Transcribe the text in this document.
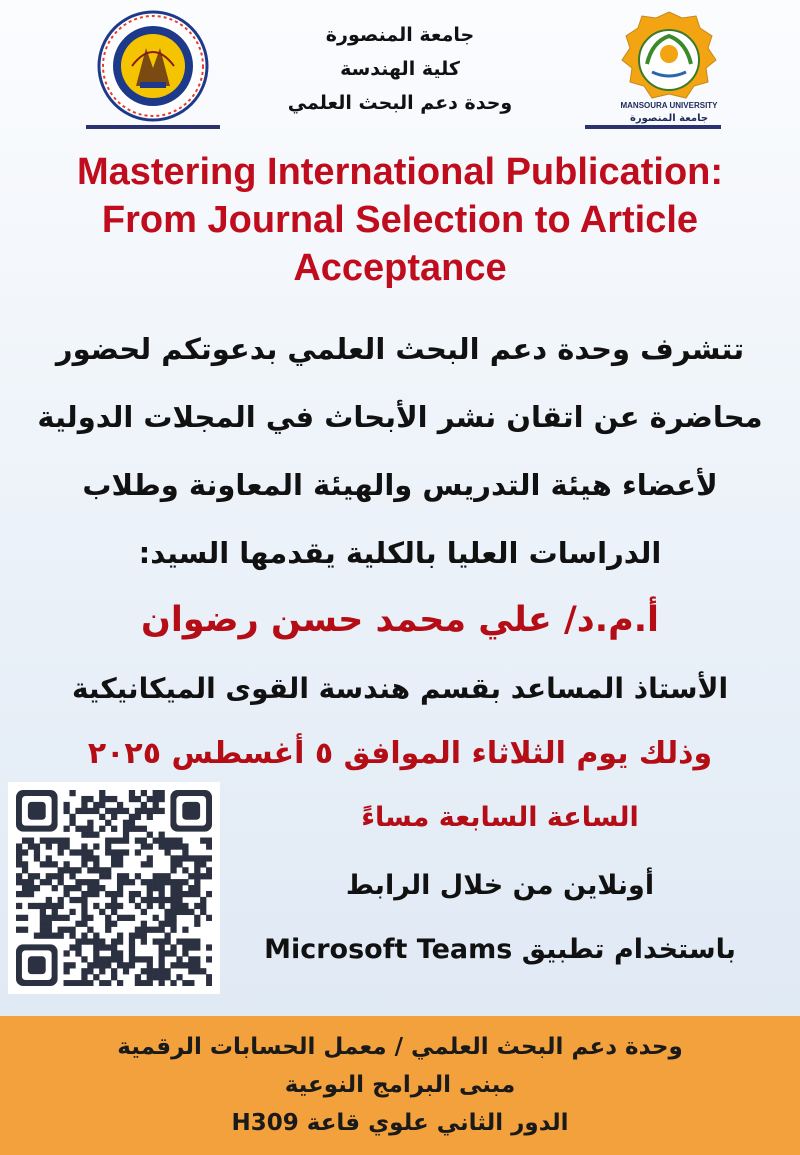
MANSOURA UNIVERSITY
جامعة المنصورة
جامعة المنصورة
كلية الهندسة
وحدة دعم البحث العلمي
Mastering International Publication:
From Journal Selection to Article
Acceptance
تتشرف وحدة دعم البحث العلمي بدعوتكم لحضور
محاضرة عن اتقان نشر الأبحاث في المجلات الدولية
لأعضاء هيئة التدريس والهيئة المعاونة وطلاب
الدراسات العليا بالكلية يقدمها السيد:
أ.م.د/ علي محمد حسن رضوان
الأستاذ المساعد بقسم هندسة القوى الميكانيكية
وذلك يوم الثلاثاء الموافق ٥ أغسطس ٢٠٢٥
الساعة السابعة مساءً
أونلاين من خلال الرابط
باستخدام تطبيق Microsoft Teams
وحدة دعم البحث العلمي / معمل الحسابات الرقمية
مبنى البرامج النوعية
الدور الثاني علوي قاعة H309
